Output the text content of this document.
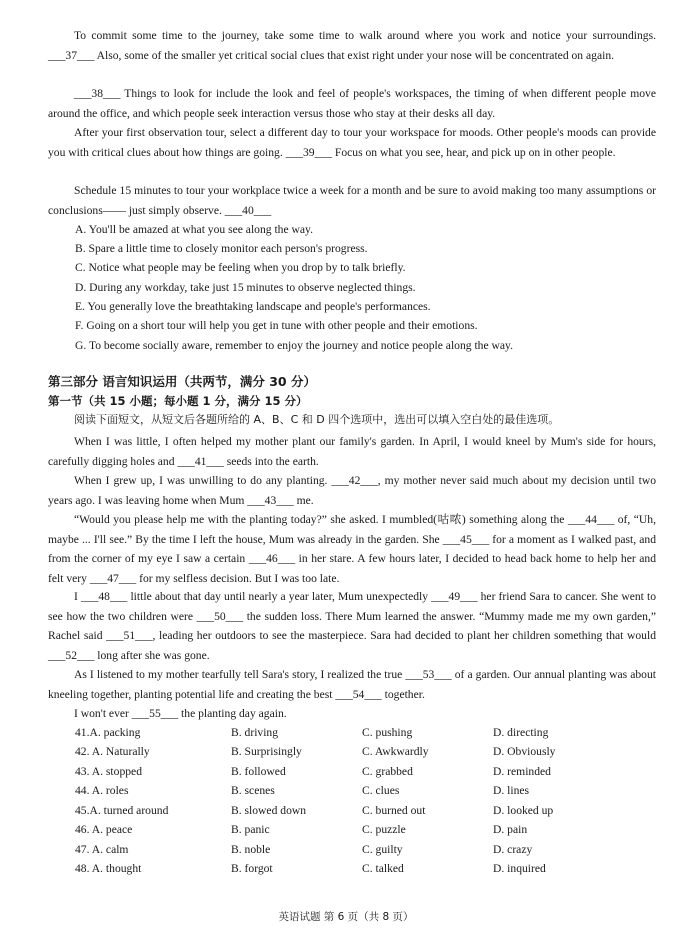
To commit some time to the journey, take some time to walk around where you work and notice your surroundings. ___37___ Also, some of the smaller yet critical social clues that exist right under your nose will be concentrated on again.
___38___ Things to look for include the look and feel of people's workspaces, the timing of when different people move around the office, and which people seek interaction versus those who stay at their desks all day.
After your first observation tour, select a different day to tour your workspace for moods. Other people's moods can provide you with critical clues about how things are going. ___39___ Focus on what you see, hear, and pick up on in other people.
Schedule 15 minutes to tour your workplace twice a week for a month and be sure to avoid making too many assumptions or conclusions—— just simply observe. ___40___
A. You'll be amazed at what you see along the way.
B. Spare a little time to closely monitor each person's progress.
C. Notice what people may be feeling when you drop by to talk briefly.
D. During any workday, take just 15 minutes to observe neglected things.
E. You generally love the breathtaking landscape and people's performances.
F. Going on a short tour will help you get in tune with other people and their emotions.
G. To become socially aware, remember to enjoy the journey and notice people along the way.
第三部分 语言知识运用（共两节，满分 30 分）
第一节（共 15 小题；每小题 1 分，满分 15 分）
阅读下面短文，从短文后各题所给的 A、B、C 和 D 四个选项中，选出可以填入空白处的最佳选项。
When I was little, I often helped my mother plant our family's garden. In April, I would kneel by Mum's side for hours, carefully digging holes and ___41___ seeds into the earth.
When I grew up, I was unwilling to do any planting. ___42___, my mother never said much about my decision until two years ago. I was leaving home when Mum ___43___ me.
“Would you please help me with the planting today?” she asked. I mumbled(咕哝) something along the ___44___ of, “Uh, maybe ... I'll see.” By the time I left the house, Mum was already in the garden. She ___45___ for a moment as I walked past, and from the corner of my eye I saw a certain ___46___ in her stare. A few hours later, I decided to head back home to help her and felt very ___47___ for my selfless decision. But I was too late.
I ___48___ little about that day until nearly a year later, Mum unexpectedly ___49___ her friend Sara to cancer. She went to see how the two children were ___50___ the sudden loss. There Mum learned the answer. “Mummy made me my own garden,” Rachel said ___51___, leading her outdoors to see the masterpiece. Sara had decided to plant her children something that would ___52___ long after she was gone.
As I listened to my mother tearfully tell Sara's story, I realized the true ___53___ of a garden. Our annual planting was about kneeling together, planting potential life and creating the best ___54___ together.
I won't ever ___55___ the planting day again.
41.A. packing	B. driving	C. pushing	D. directing
42. A. Naturally	B. Surprisingly	C. Awkwardly	D. Obviously
43. A. stopped	B. followed	C. grabbed	D. reminded
44. A. roles	B. scenes	C. clues	D. lines
45.A. turned around	B. slowed down	C. burned out	D. looked up
46. A. peace	B. panic	C. puzzle	D. pain
47. A. calm	B. noble	C. guilty	D. crazy
48. A. thought	B. forgot	C. talked	D. inquired
英语试题 第 6 页（共 8 页）
